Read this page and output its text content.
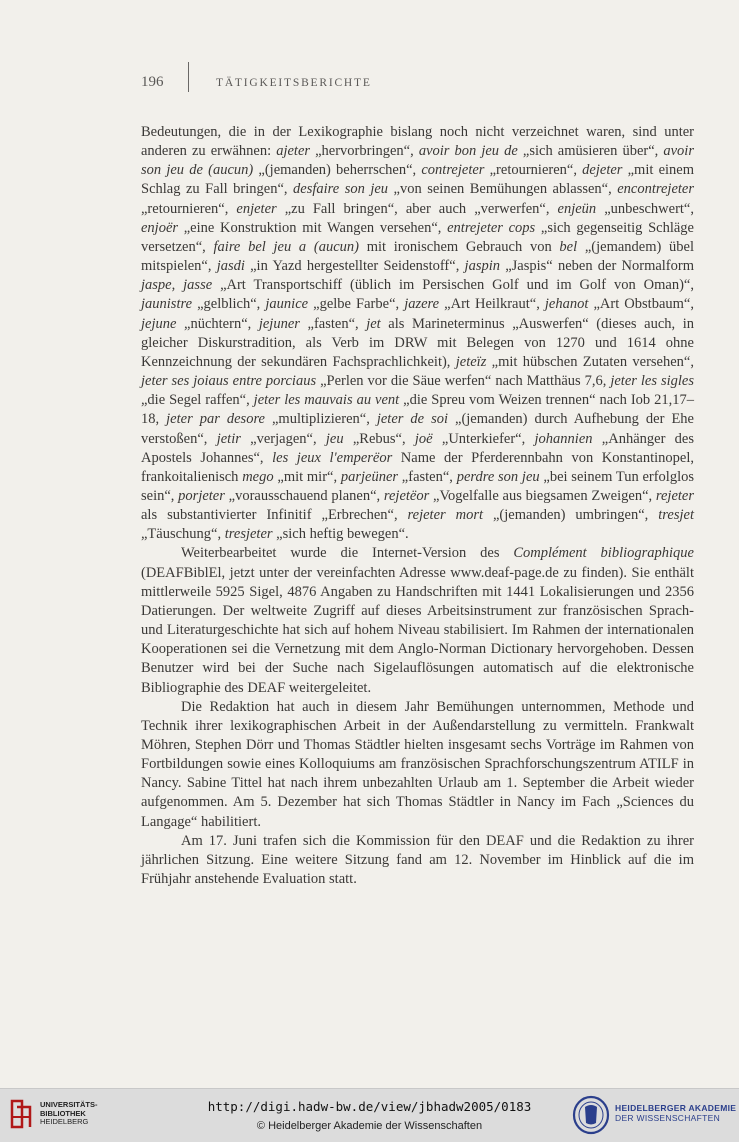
196	TÄTIGKEITSBERICHTE

Bedeutungen, die in der Lexikographie bislang noch nicht verzeichnet waren, sind unter anderen zu erwähnen: ajeter „hervorbringen“, avoir bon jeu de „sich amüsieren über“, avoir son jeu de (aucun) „(jemanden) beherrschen“, contrejeter „retournieren“, dejeter „mit einem Schlag zu Fall bringen“, desfaire son jeu „von seinen Bemühungen ablassen“, encontrejeter „retournieren“, enjeter „zu Fall bringen“, aber auch „verwerfen“, enjeün „unbeschwert“, enjoër „eine Konstruktion mit Wangen versehen“, entrejeter cops „sich gegenseitig Schläge versetzen“, faire bel jeu a (aucun) mit ironischem Gebrauch von bel „(jemandem) übel mitspielen“, jasdi „in Yazd hergestellter Seidenstoff“, jaspin „Jaspis“ neben der Normalform jaspe, jasse „Art Transportschiff (üblich im Persischen Golf und im Golf von Oman)“, jaunistre „gelblich“, jaunice „gelbe Farbe“, jazere „Art Heilkraut“, jehanot „Art Obstbaum“, jejune „nüchtern“, jejuner „fasten“, jet als Marineterminus „Auswerfen“ (dieses auch, in gleicher Diskurstradition, als Verb im DRW mit Belegen von 1270 und 1614 ohne Kennzeichnung der sekundären Fachsprachlichkeit), jeteïz „mit hübschen Zutaten versehen“, jeter ses joiaus entre porciaus „Perlen vor die Säue werfen“ nach Matthäus 7,6, jeter les sigles „die Segel raffen“, jeter les mauvais au vent „die Spreu vom Weizen trennen“ nach Iob 21,17–18, jeter par desore „multiplizieren“, jeter de soi „(jemanden) durch Aufhebung der Ehe verstoßen“, jetir „verjagen“, jeu „Rebus“, joë „Unterkiefer“, johannien „Anhänger des Apostels Johannes“, les jeux l'emperëor Name der Pferderennbahn von Konstantinopel, frankoitalienisch mego „mit mir“, parjeüner „fasten“, perdre son jeu „bei seinem Tun erfolglos sein“, porjeter „vorausschauend planen“, rejetëor „Vogelfalle aus biegsamen Zweigen“, rejeter als substantivierter Infinitif „Erbrechen“, rejeter mort „(jemanden) umbringen“, tresjet „Täuschung“, tresjeter „sich heftig bewegen“.

Weiterbearbeitet wurde die Internet-Version des Complément bibliographique (DEAFBiblEl, jetzt unter der vereinfachten Adresse www.deaf-page.de zu finden). Sie enthält mittlerweile 5925 Sigel, 4876 Angaben zu Handschriften mit 1441 Lokalisierungen und 2356 Datierungen. Der weltweite Zugriff auf dieses Arbeitsinstrument zur französischen Sprach- und Literaturgeschichte hat sich auf hohem Niveau stabilisiert. Im Rahmen der internationalen Kooperationen sei die Vernetzung mit dem Anglo-Norman Dictionary hervorgehoben. Dessen Benutzer wird bei der Suche nach Sigelauflösungen automatisch auf die elektronische Bibliographie des DEAF weitergeleitet.

Die Redaktion hat auch in diesem Jahr Bemühungen unternommen, Methode und Technik ihrer lexikographischen Arbeit in der Außendarstellung zu vermitteln. Frankwalt Möhren, Stephen Dörr und Thomas Städtler hielten insgesamt sechs Vorträge im Rahmen von Fortbildungen sowie eines Kolloquiums am französischen Sprachforschungszentrum ATILF in Nancy. Sabine Tittel hat nach ihrem unbezahlten Urlaub am 1. September die Arbeit wieder aufgenommen. Am 5. Dezember hat sich Thomas Städtler in Nancy im Fach „Sciences du Langage“ habilitiert.

Am 17. Juni trafen sich die Kommission für den DEAF und die Redaktion zu ihrer jährlichen Sitzung. Eine weitere Sitzung fand am 12. November im Hinblick auf die im Frühjahr anstehende Evaluation statt.

UNIVERSITÄTS-
BIBLIOTHEK
HEIDELBERG
http://digi.hadw-bw.de/view/jbhadw2005/0183
© Heidelberger Akademie der Wissenschaften
HEIDELBERGER AKADEMIE
DER WISSENSCHAFTEN
